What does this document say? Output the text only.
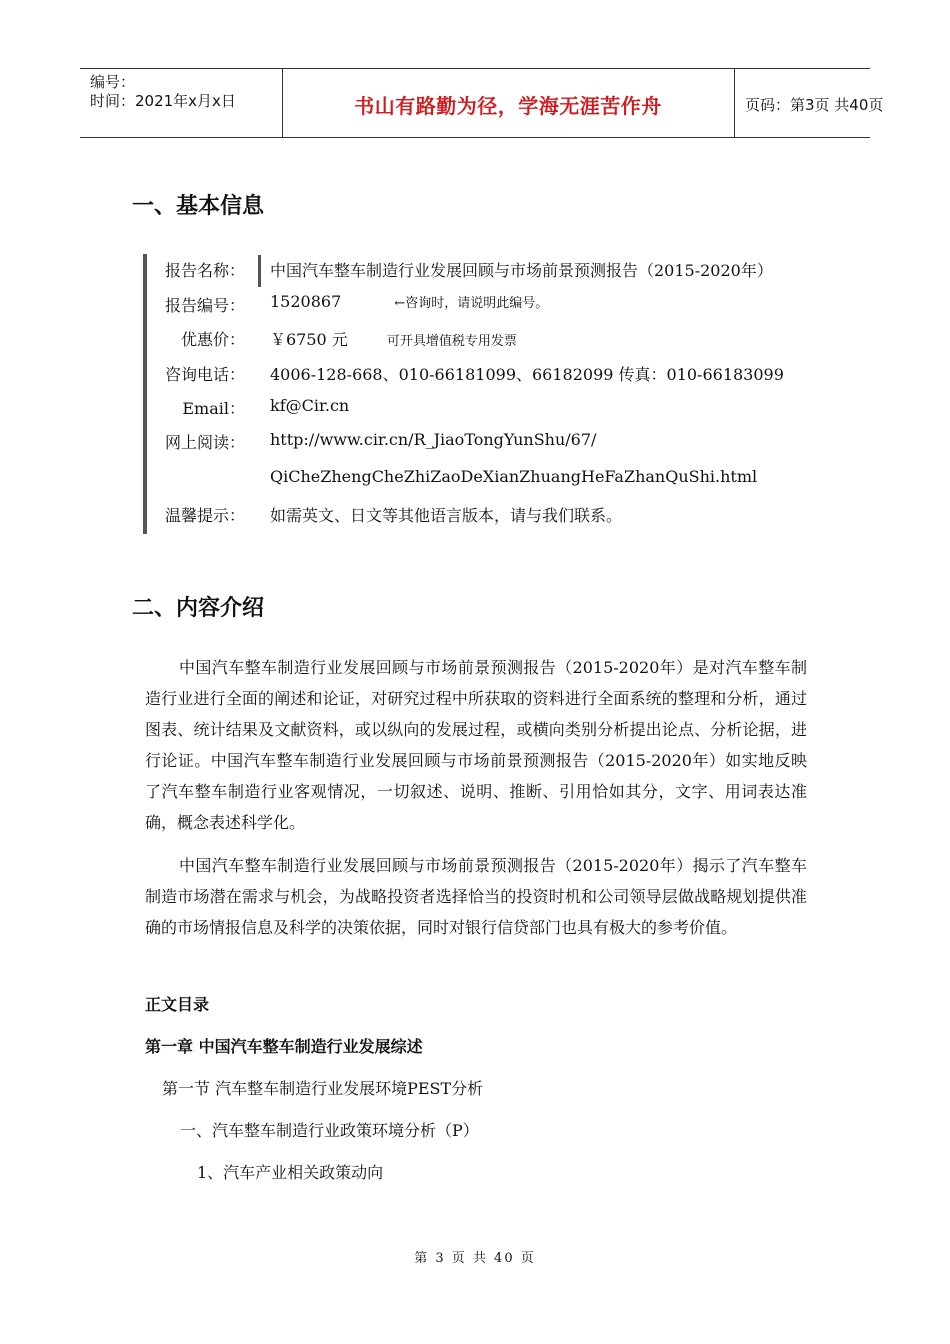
编号：
时间：2021年x月x日	书山有路勤为径，学海无涯苦作舟	页码：第3页 共40页
一、基本信息
报告名称： 中国汽车整车制造行业发展回顾与市场前景预测报告（2015-2020年）
报告编号： 1520867	←咨询时，请说明此编号。
优惠价： ￥6750 元	可开具增值税专用发票
咨询电话： 4006-128-668、010-66181099、66182099 传真：010-66183099
Email： kf@Cir.cn
网上阅读： http://www.cir.cn/R_JiaoTongYunShu/67/
QiCheZhengCheZhiZaoDeXianZhuangHeFaZhanQuShi.html
温馨提示： 如需英文、日文等其他语言版本，请与我们联系。
二、内容介绍

中国汽车整车制造行业发展回顾与市场前景预测报告（2015-2020年）是对汽车整车制造行业进行全面的阐述和论证，对研究过程中所获取的资料进行全面系统的整理和分析，通过图表、统计结果及文献资料，或以纵向的发展过程，或横向类别分析提出论点、分析论据，进行论证。中国汽车整车制造行业发展回顾与市场前景预测报告（2015-2020年）如实地反映了汽车整车制造行业客观情况，一切叙述、说明、推断、引用恰如其分，文字、用词表达准确，概念表述科学化。

中国汽车整车制造行业发展回顾与市场前景预测报告（2015-2020年）揭示了汽车整车制造市场潜在需求与机会，为战略投资者选择恰当的投资时机和公司领导层做战略规划提供准确的市场情报信息及科学的决策依据，同时对银行信贷部门也具有极大的参考价值。

正文目录
第一章 中国汽车整车制造行业发展综述
第一节 汽车整车制造行业发展环境PEST分析
一、汽车整车制造行业政策环境分析（P）
1、汽车产业相关政策动向
第 3 页 共 40 页
